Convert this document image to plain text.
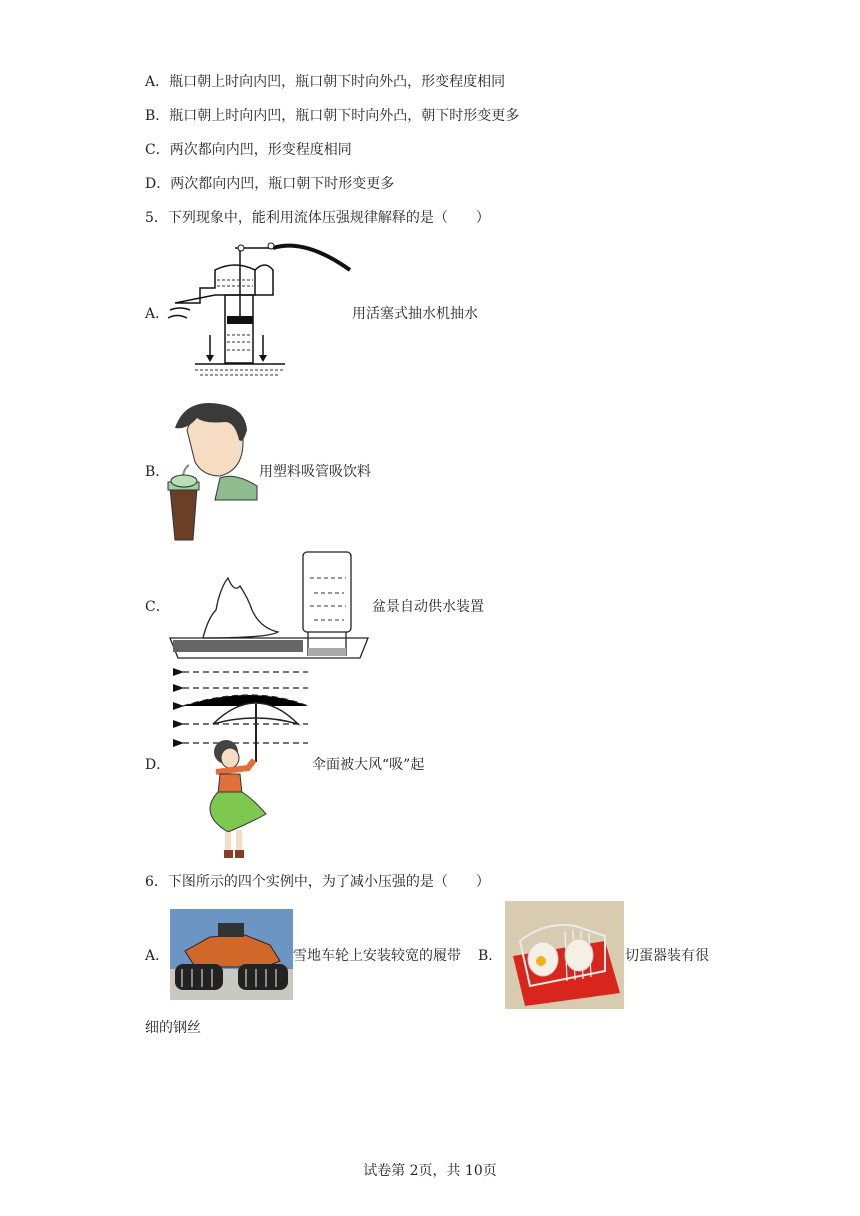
A．瓶口朝上时向内凹，瓶口朝下时向外凸，形变程度相同
B．瓶口朝上时向内凹，瓶口朝下时向外凸，朝下时形变更多
C．两次都向内凹，形变程度相同
D．两次都向内凹，瓶口朝下时形变更多
5．下列现象中，能利用流体压强规律解释的是（　　）
A．	用活塞式抽水机抽水
B．	用塑料吸管吸饮料
C．	盆景自动供水装置
D．	伞面被大风“吸”起
6．下图所示的四个实例中，为了减小压强的是（　　）
A．	雪地车轮上安装较宽的履带 B．	切蛋器装有很
细的钢丝
试卷第 2页，共 10页
